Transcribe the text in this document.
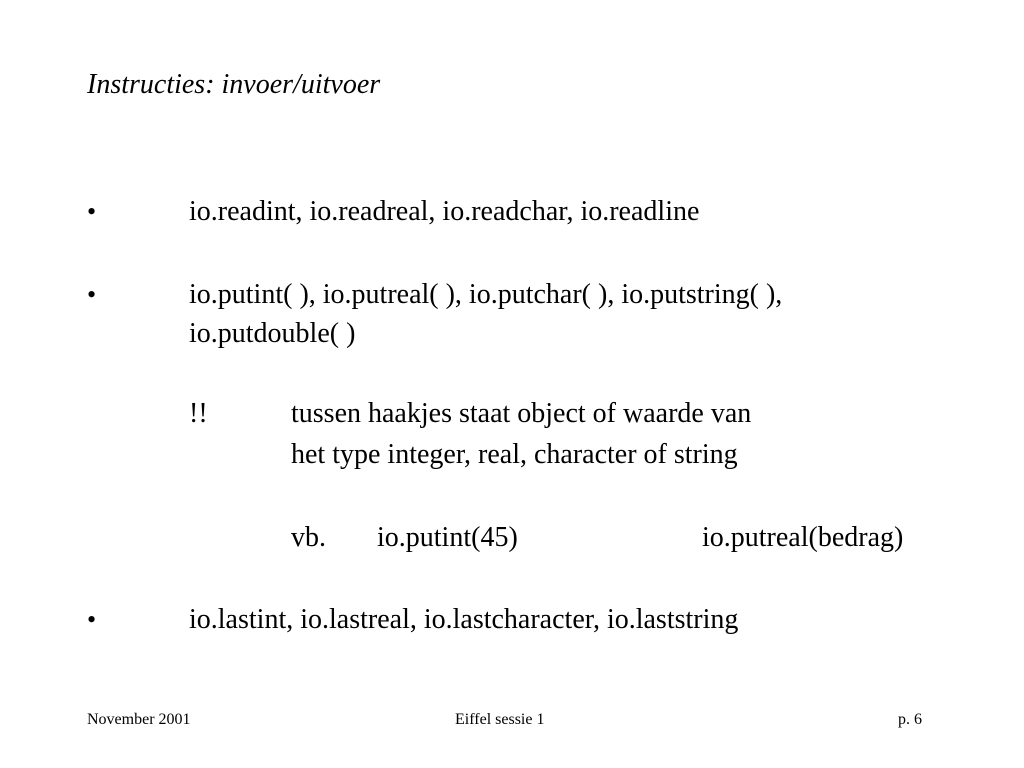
Instructies: invoer/uitvoer
•	io.readint, io.readreal, io.readchar, io.readline
•	io.putint( ), io.putreal( ), io.putchar( ), io.putstring( ),
io.putdouble( )
!!	tussen haakjes staat object of waarde van
het type integer, real, character of string
vb. io.putint(45)	io.putreal(bedrag)
•	io.lastint, io.lastreal, io.lastcharacter, io.laststring
November 2001	Eiffel sessie 1	p. 6
